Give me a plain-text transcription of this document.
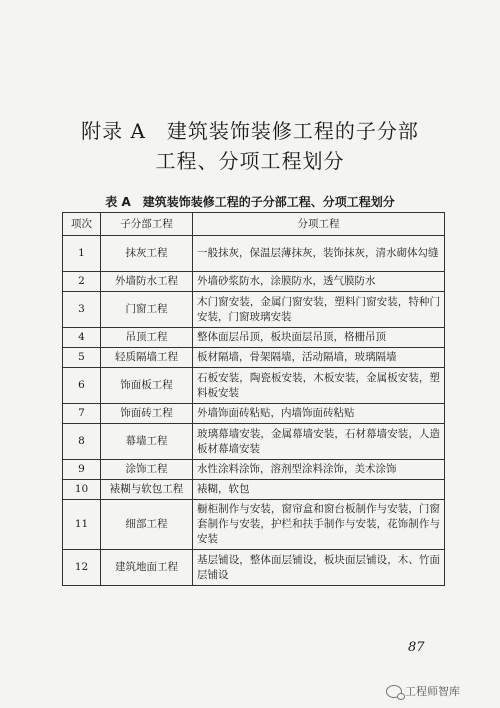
附录 A　建筑装饰装修工程的子分部
工程、分项工程划分
表 A　建筑装饰装修工程的子分部工程、分项工程划分
项次	子分部工程	分项工程
1	抹灰工程	一般抹灰，保温层薄抹灰，装饰抹灰，清水砌体勾缝
2	外墙防水工程	外墙砂浆防水，涂膜防水，透气膜防水
3	门窗工程	木门窗安装，金属门窗安装，塑料门窗安装，特种门安装，门窗玻璃安装
4	吊顶工程	整体面层吊顶，板块面层吊顶，格栅吊顶
5	轻质隔墙工程	板材隔墙，骨架隔墙，活动隔墙，玻璃隔墙
6	饰面板工程	石板安装，陶瓷板安装，木板安装，金属板安装，塑料板安装
7	饰面砖工程	外墙饰面砖粘贴，内墙饰面砖粘贴
8	幕墙工程	玻璃幕墙安装，金属幕墙安装，石材幕墙安装，人造板材幕墙安装
9	涂饰工程	水性涂料涂饰，溶剂型涂料涂饰，美术涂饰
10	裱糊与软包工程	裱糊，软包
11	细部工程	橱柜制作与安装，窗帘盒和窗台板制作与安装，门窗套制作与安装，护栏和扶手制作与安装，花饰制作与安装
12	建筑地面工程	基层铺设，整体面层铺设，板块面层铺设，木、竹面层铺设
87
工程师智库
